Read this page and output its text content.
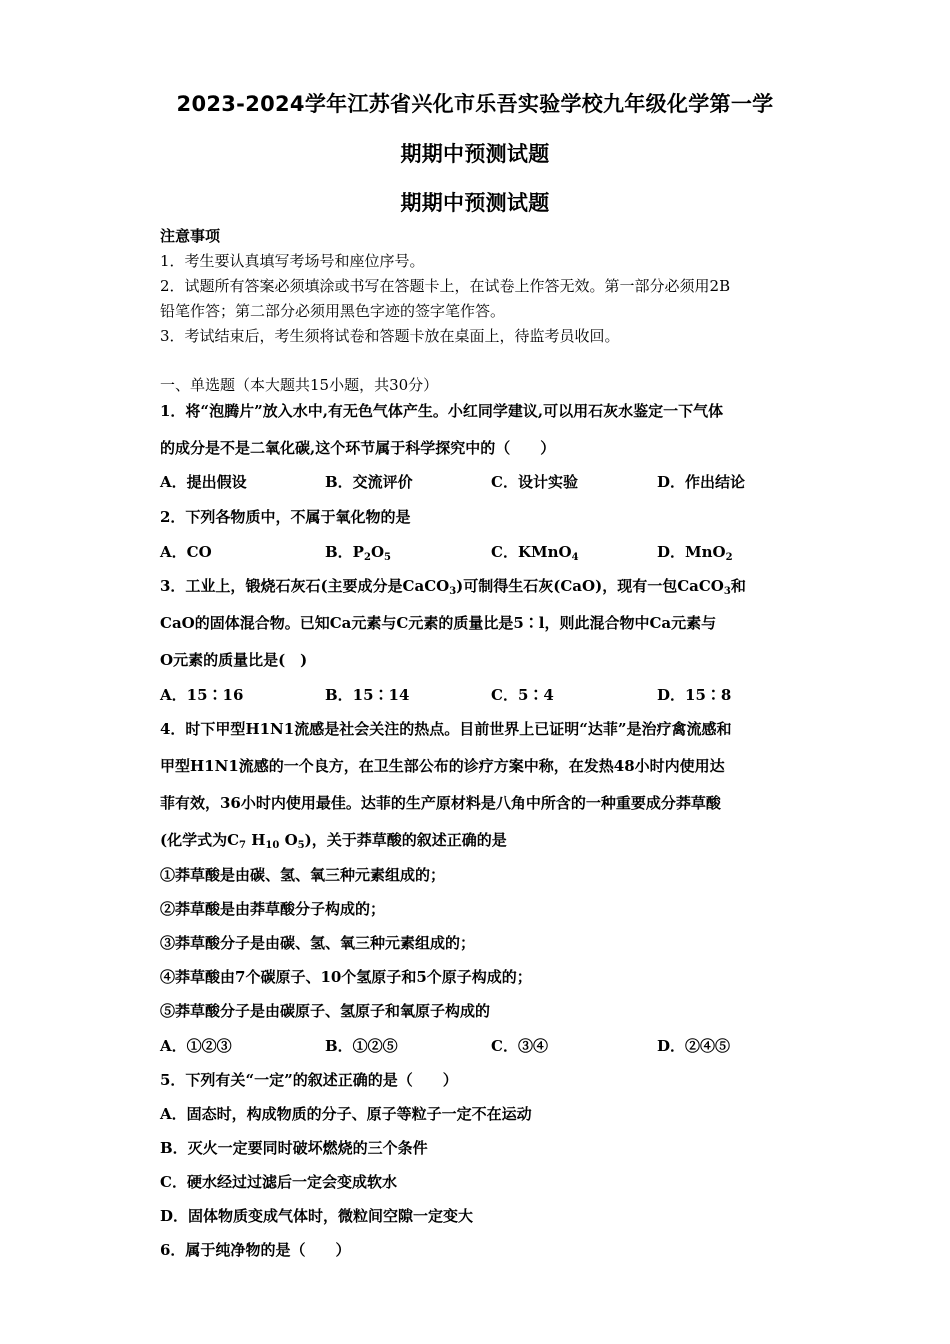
2023-2024学年江苏省兴化市乐吾实验学校九年级化学第一学
期期中预测试题
期期中预测试题
注意事项
1．考生要认真填写考场号和座位序号。
2．试题所有答案必须填涂或书写在答题卡上，在试卷上作答无效。第一部分必须用2B
铅笔作答；第二部分必须用黑色字迹的签字笔作答。
3．考试结束后，考生须将试卷和答题卡放在桌面上，待监考员收回。
一、单选题（本大题共15小题，共30分）
1．将“泡腾片”放入水中,有无色气体产生。小红同学建议,可以用石灰水鉴定一下气体
的成分是不是二氧化碳,这个环节属于科学探究中的（　　）
A．提出假设	B．交流评价	C．设计实验	D．作出结论
2．下列各物质中，不属于氧化物的是
A．CO	B．$P_2O_5$	C．KMnO$_4$	D．MnO$_2$
3．工业上，锻烧石灰石(主要成分是CaCO$_3$)可制得生石灰(CaO)，现有一包CaCO$_3$和
CaO的固体混合物。已知Ca元素与C元素的质量比是5∶l，则此混合物中Ca元素与
O元素的质量比是(　)
A．15∶16	B．15∶14	C．5∶4	D．15∶8
4．时下甲型H1N1流感是社会关注的热点。目前世界上已证明“达菲”是治疗禽流感和
甲型H1N1流感的一个良方，在卫生部公布的诊疗方案中称，在发热48小时内使用达
菲有效，36小时内使用最佳。达菲的生产原材料是八角中所含的一种重要成分莽草酸
(化学式为$C_7$ $H_{10}$ $O_5$)，关于莽草酸的叙述正确的是
①莽草酸是由碳、氢、氧三种元素组成的；
②莽草酸是由莽草酸分子构成的；
③莽草酸分子是由碳、氢、氧三种元素组成的；
④莽草酸由7个碳原子、10个氢原子和5个原子构成的；
⑤莽草酸分子是由碳原子、氢原子和氧原子构成的
A．①②③	B．①②⑤	C．③④	D．②④⑤
5．下列有关“一定”的叙述正确的是（　　）
A．固态时，构成物质的分子、原子等粒子一定不在运动
B．灭火一定要同时破坏燃烧的三个条件
C．硬水经过过滤后一定会变成软水
D．固体物质变成气体时，微粒间空隙一定变大
6．属于纯净物的是（　　）
